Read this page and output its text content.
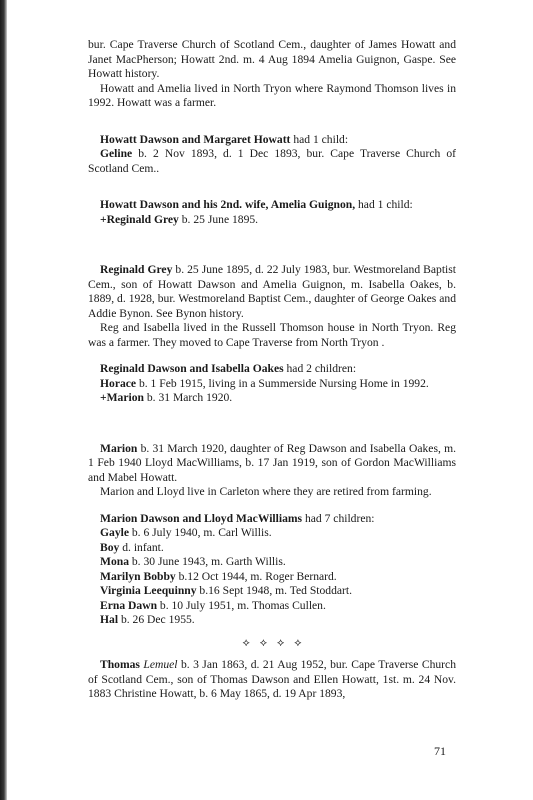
bur. Cape Traverse Church of Scotland Cem., daughter of James Howatt and Janet MacPherson; Howatt 2nd. m. 4 Aug 1894 Amelia Guignon, Gaspe. See Howatt history.

Howatt and Amelia lived in North Tryon where Raymond Thomson lives in 1992. Howatt was a farmer.

Howatt Dawson and Margaret Howatt had 1 child:

Geline b. 2 Nov 1893, d. 1 Dec 1893, bur. Cape Traverse Church of Scotland Cem..

Howatt Dawson and his 2nd. wife, Amelia Guignon, had 1 child:

+Reginald Grey b. 25 June 1895.

Reginald Grey b. 25 June 1895, d. 22 July 1983, bur. Westmoreland Baptist Cem., son of Howatt Dawson and Amelia Guignon, m. Isabella Oakes, b. 1889, d. 1928, bur. Westmoreland Baptist Cem., daughter of George Oakes and Addie Bynon. See Bynon history.

Reg and Isabella lived in the Russell Thomson house in North Tryon. Reg was a farmer. They moved to Cape Traverse from North Tryon .

Reginald Dawson and Isabella Oakes had 2 children:

Horace b. 1 Feb 1915, living in a Summerside Nursing Home in 1992.

+Marion b. 31 March 1920.

Marion b. 31 March 1920, daughter of Reg Dawson and Isabella Oakes, m. 1 Feb 1940 Lloyd MacWilliams, b. 17 Jan 1919, son of Gordon MacWilliams and Mabel Howatt.

Marion and Lloyd live in Carleton where they are retired from farming.

Marion Dawson and Lloyd MacWilliams had 7 children:

Gayle b. 6 July 1940, m. Carl Willis.

Boy d. infant.

Mona b. 30 June 1943, m. Garth Willis.

Marilyn Bobby b.12 Oct 1944, m. Roger Bernard.

Virginia Leequinny b.16 Sept 1948, m. Ted Stoddart.

Erna Dawn b. 10 July 1951, m. Thomas Cullen.

Hal b. 26 Dec 1955.

⟡⟡⟡⟡

Thomas Lemuel b. 3 Jan 1863, d. 21 Aug 1952, bur. Cape Traverse Church of Scotland Cem., son of Thomas Dawson and Ellen Howatt, 1st. m. 24 Nov. 1883 Christine Howatt, b. 6 May 1865, d. 19 Apr 1893,

71
